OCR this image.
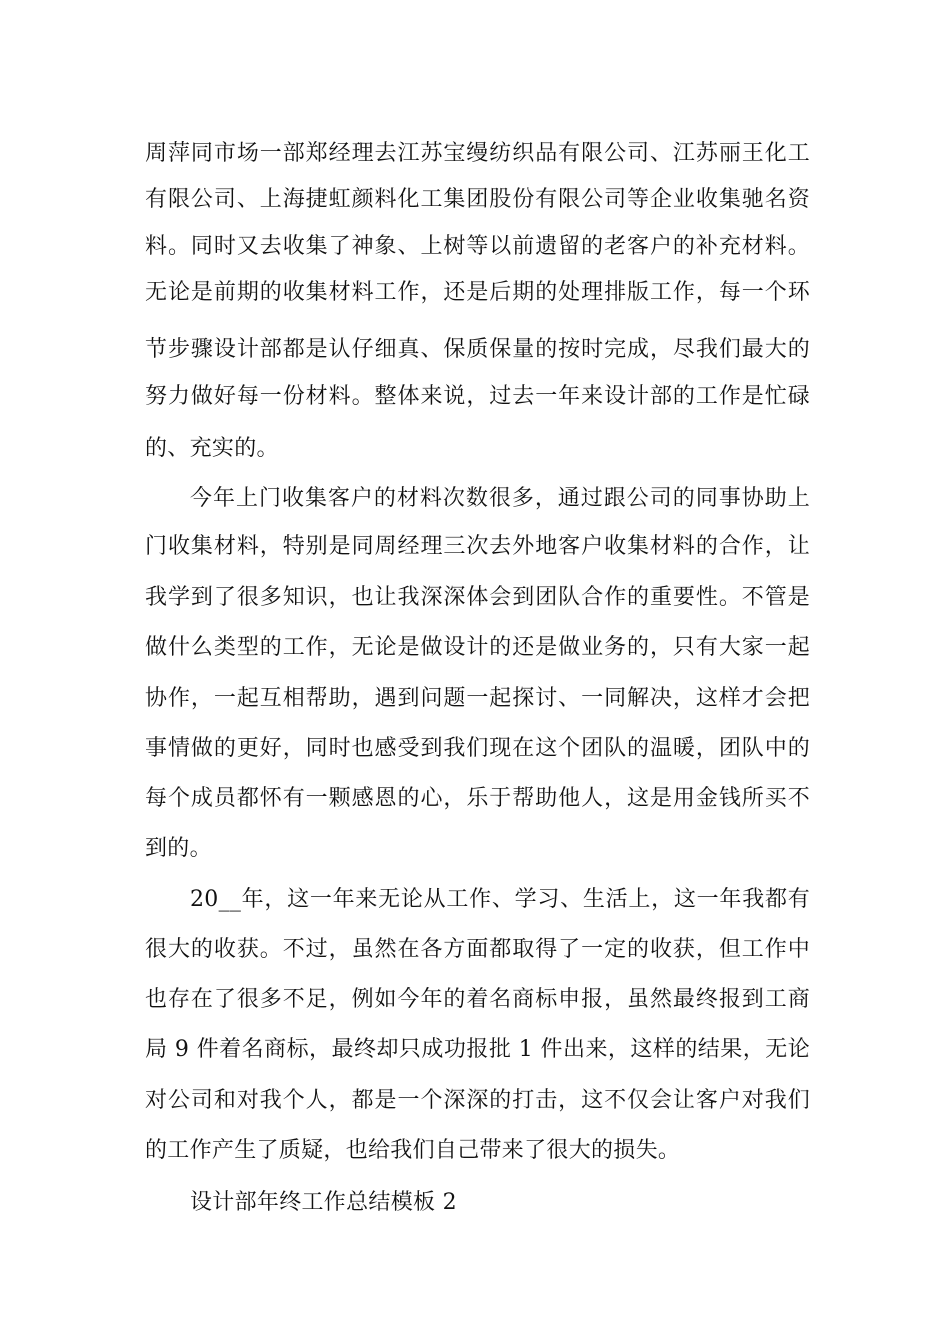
周萍同市场一部郑经理去江苏宝缦纺织品有限公司、江苏丽王化工
有限公司、上海捷虹颜料化工集团股份有限公司等企业收集驰名资
料。同时又去收集了神象、上树等以前遗留的老客户的补充材料。
无论是前期的收集材料工作，还是后期的处理排版工作，每一个环
节步骤设计部都是认仔细真、保质保量的按时完成，尽我们最大的
努力做好每一份材料。整体来说，过去一年来设计部的工作是忙碌
的、充实的。
今年上门收集客户的材料次数很多，通过跟公司的同事协助上
门收集材料，特别是同周经理三次去外地客户收集材料的合作，让
我学到了很多知识，也让我深深体会到团队合作的重要性。不管是
做什么类型的工作，无论是做设计的还是做业务的，只有大家一起
协作，一起互相帮助，遇到问题一起探讨、一同解决，这样才会把
事情做的更好，同时也感受到我们现在这个团队的温暖，团队中的
每个成员都怀有一颗感恩的心，乐于帮助他人，这是用金钱所买不
到的。
20__年，这一年来无论从工作、学习、生活上，这一年我都有
很大的收获。不过，虽然在各方面都取得了一定的收获，但工作中
也存在了很多不足，例如今年的着名商标申报，虽然最终报到工商
局 9 件着名商标，最终却只成功报批 1 件出来，这样的结果，无论
对公司和对我个人，都是一个深深的打击，这不仅会让客户对我们
的工作产生了质疑，也给我们自己带来了很大的损失。
设计部年终工作总结模板 2
